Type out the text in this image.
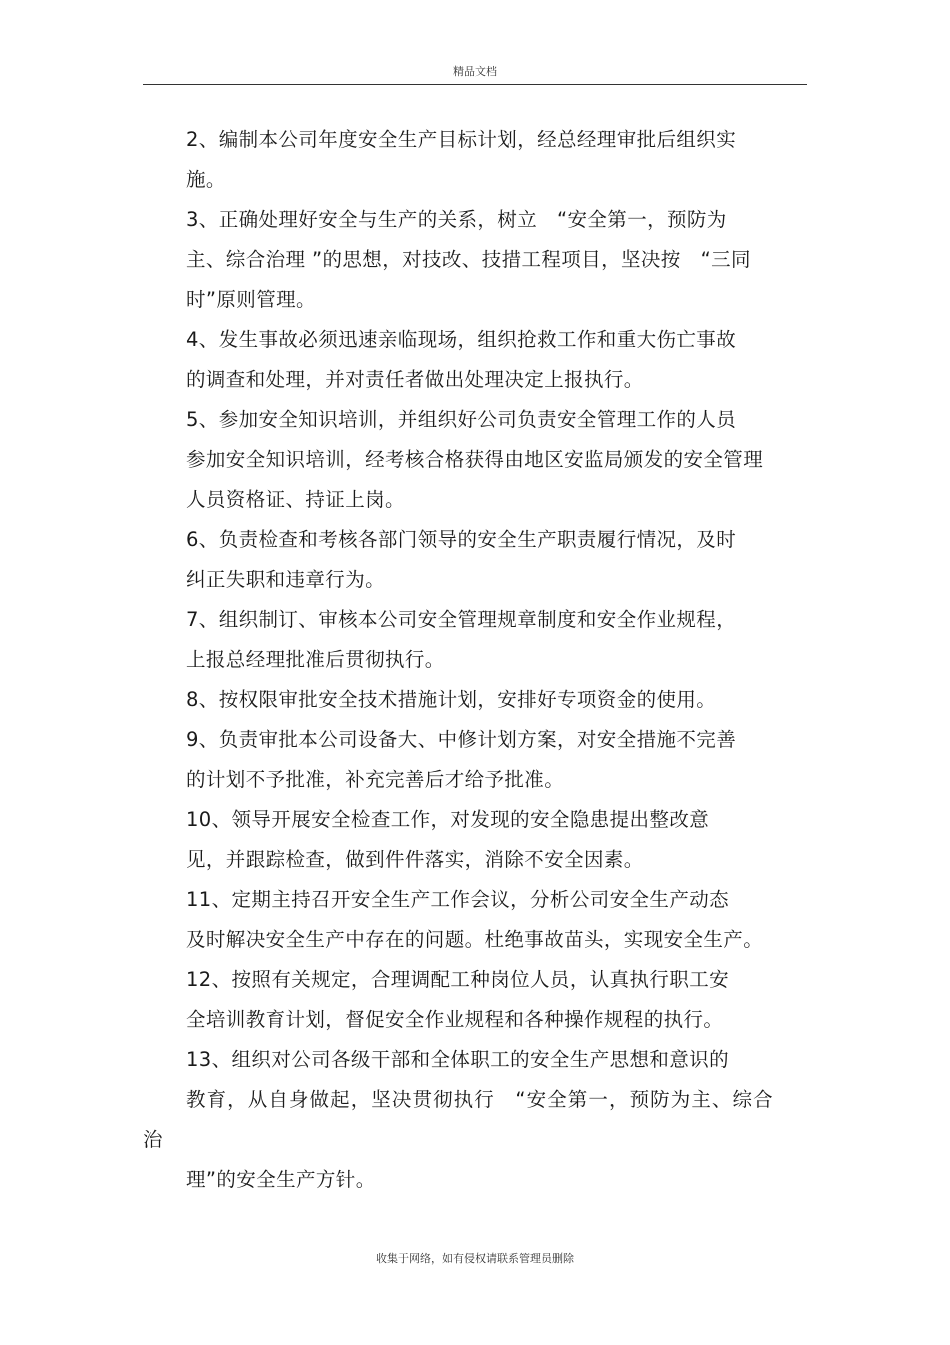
精品文档

2、编制本公司年度安全生产目标计划，经总经理审批后组织实
施。

3、正确处理好安全与生产的关系，树立　“安全第一，预防为
主、综合治理 ”的思想，对技改、技措工程项目，坚决按　“三同
时”原则管理。

4、发生事故必须迅速亲临现场，组织抢救工作和重大伤亡事故
的调查和处理，并对责任者做出处理决定上报执行。

5、参加安全知识培训，并组织好公司负责安全管理工作的人员
参加安全知识培训，经考核合格获得由地区安监局颁发的安全管理
人员资格证、持证上岗。

6、负责检查和考核各部门领导的安全生产职责履行情况，及时
纠正失职和违章行为。

7、组织制订、审核本公司安全管理规章制度和安全作业规程，
上报总经理批准后贯彻执行。

8、按权限审批安全技术措施计划，安排好专项资金的使用。

9、负责审批本公司设备大、中修计划方案，对安全措施不完善
的计划不予批准，补充完善后才给予批准。

10、领导开展安全检查工作，对发现的安全隐患提出整改意
见，并跟踪检查，做到件件落实，消除不安全因素。

11、定期主持召开安全生产工作会议，分析公司安全生产动态
及时解决安全生产中存在的问题。杜绝事故苗头，实现安全生产。

12、按照有关规定，合理调配工种岗位人员，认真执行职工安
全培训教育计划，督促安全作业规程和各种操作规程的执行。

13、组织对公司各级干部和全体职工的安全生产思想和意识的
教育，从自身做起，坚决贯彻执行　“安全第一，预防为主、综合治
理”的安全生产方针。

收集于网络，如有侵权请联系管理员删除
